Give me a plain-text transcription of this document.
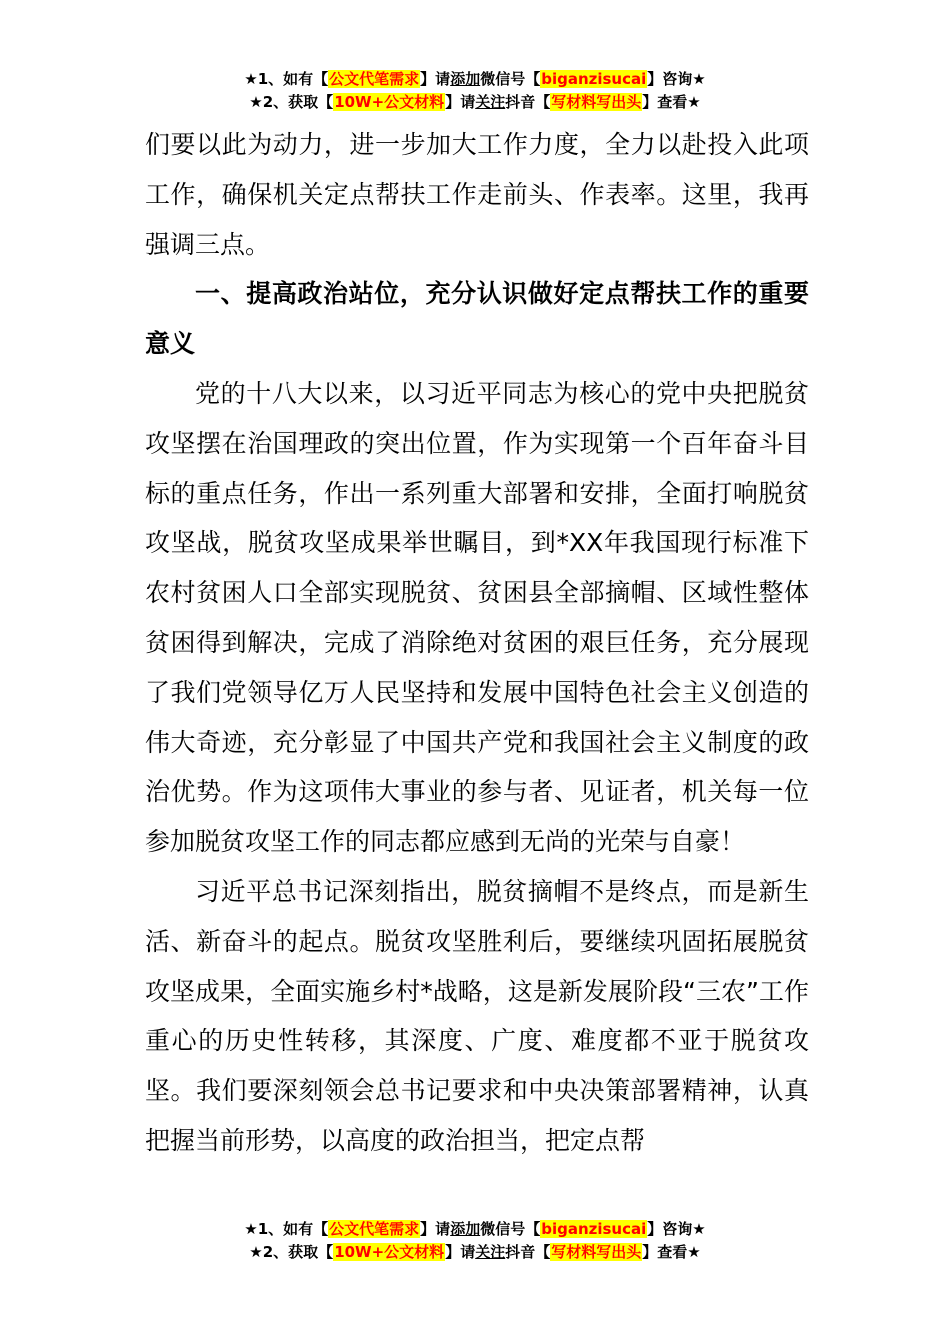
★1、如有【公文代笔需求】请添加微信号【biganzisucai】咨询★
★2、获取【10W+公文材料】请关注抖音【写材料写出头】查看★

们要以此为动力，进一步加大工作力度，全力以赴投入此项工作，确保机关定点帮扶工作走前头、作表率。这里，我再强调三点。

一、提高政治站位，充分认识做好定点帮扶工作的重要意义

党的十八大以来，以习近平同志为核心的党中央把脱贫攻坚摆在治国理政的突出位置，作为实现第一个百年奋斗目标的重点任务，作出一系列重大部署和安排，全面打响脱贫攻坚战，脱贫攻坚成果举世瞩目，到*XX年我国现行标准下农村贫困人口全部实现脱贫、贫困县全部摘帽、区域性整体贫困得到解决，完成了消除绝对贫困的艰巨任务，充分展现了我们党领导亿万人民坚持和发展中国特色社会主义创造的伟大奇迹，充分彰显了中国共产党和我国社会主义制度的政治优势。作为这项伟大事业的参与者、见证者，机关每一位参加脱贫攻坚工作的同志都应感到无尚的光荣与自豪！

习近平总书记深刻指出，脱贫摘帽不是终点，而是新生活、新奋斗的起点。脱贫攻坚胜利后，要继续巩固拓展脱贫攻坚成果，全面实施乡村*战略，这是新发展阶段“三农”工作重心的历史性转移，其深度、广度、难度都不亚于脱贫攻坚。我们要深刻领会总书记要求和中央决策部署精神，认真把握当前形势，以高度的政治担当，把定点帮

★1、如有【公文代笔需求】请添加微信号【biganzisucai】咨询★
★2、获取【10W+公文材料】请关注抖音【写材料写出头】查看★
